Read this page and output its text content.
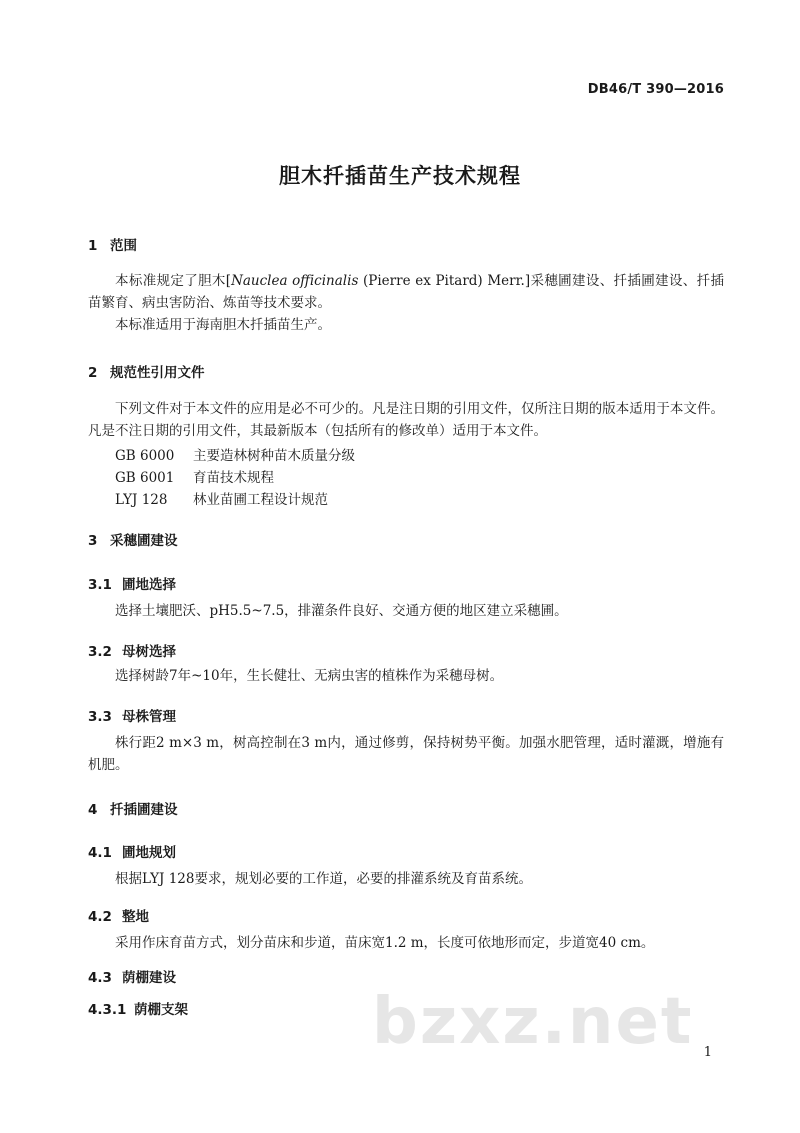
DB46/T 390—2016
胆木扦插苗生产技术规程
1 范围
本标准规定了胆木[Nauclea officinalis (Pierre ex Pitard) Merr.]采穗圃建设、扦插圃建设、扦插苗繁育、病虫害防治、炼苗等技术要求。
本标准适用于海南胆木扦插苗生产。
2 规范性引用文件
下列文件对于本文件的应用是必不可少的。凡是注日期的引用文件，仅所注日期的版本适用于本文件。凡是不注日期的引用文件，其最新版本（包括所有的修改单）适用于本文件。
GB 6000 主要造林树种苗木质量分级
GB 6001 育苗技术规程
LYJ 128 林业苗圃工程设计规范
3 采穗圃建设
3.1 圃地选择
选择土壤肥沃、pH5.5~7.5，排灌条件良好、交通方便的地区建立采穗圃。
3.2 母树选择
选择树龄7年~10年，生长健壮、无病虫害的植株作为采穗母树。
3.3 母株管理
株行距2 m×3 m，树高控制在3 m内，通过修剪，保持树势平衡。加强水肥管理，适时灌溉，增施有机肥。
4 扦插圃建设
4.1 圃地规划
根据LYJ 128要求，规划必要的工作道，必要的排灌系统及育苗系统。
4.2 整地
采用作床育苗方式，划分苗床和步道，苗床宽1.2 m，长度可依地形而定，步道宽40 cm。
4.3 荫棚建设
4.3.1 荫棚支架	bzxz.net 1
